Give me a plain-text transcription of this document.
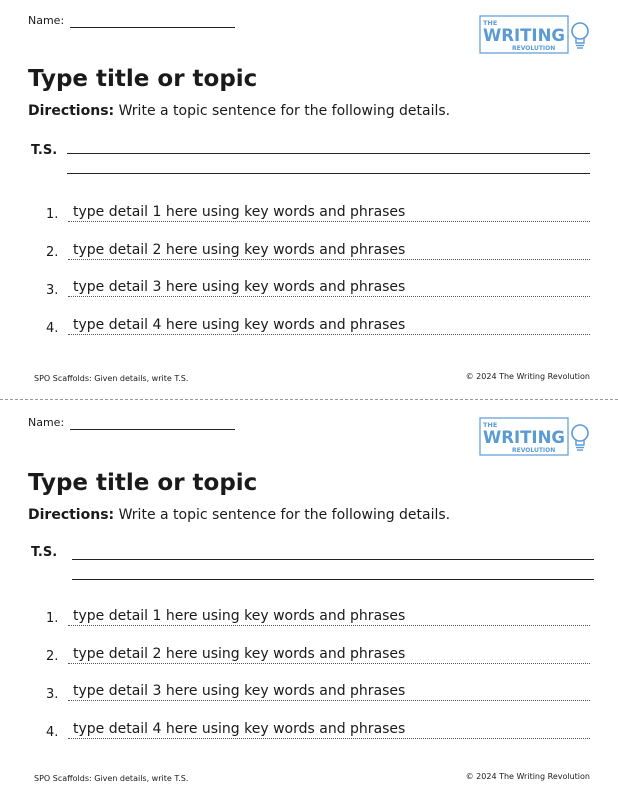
Name:	THE
WRITING
REVOLUTION
Type title or topic
Directions: Write a topic sentence for the following details.
T.S.
1. type detail 1 here using key words and phrases
2. type detail 2 here using key words and phrases
3. type detail 3 here using key words and phrases
4. type detail 4 here using key words and phrases
SPO Scaffolds: Given details, write T.S.	© 2024 The Writing Revolution
Name:	THE
WRITING
REVOLUTION
Type title or topic
Directions: Write a topic sentence for the following details.
T.S.
1. type detail 1 here using key words and phrases
2. type detail 2 here using key words and phrases
3. type detail 3 here using key words and phrases
4. type detail 4 here using key words and phrases
SPO Scaffolds: Given details, write T.S.	© 2024 The Writing Revolution
